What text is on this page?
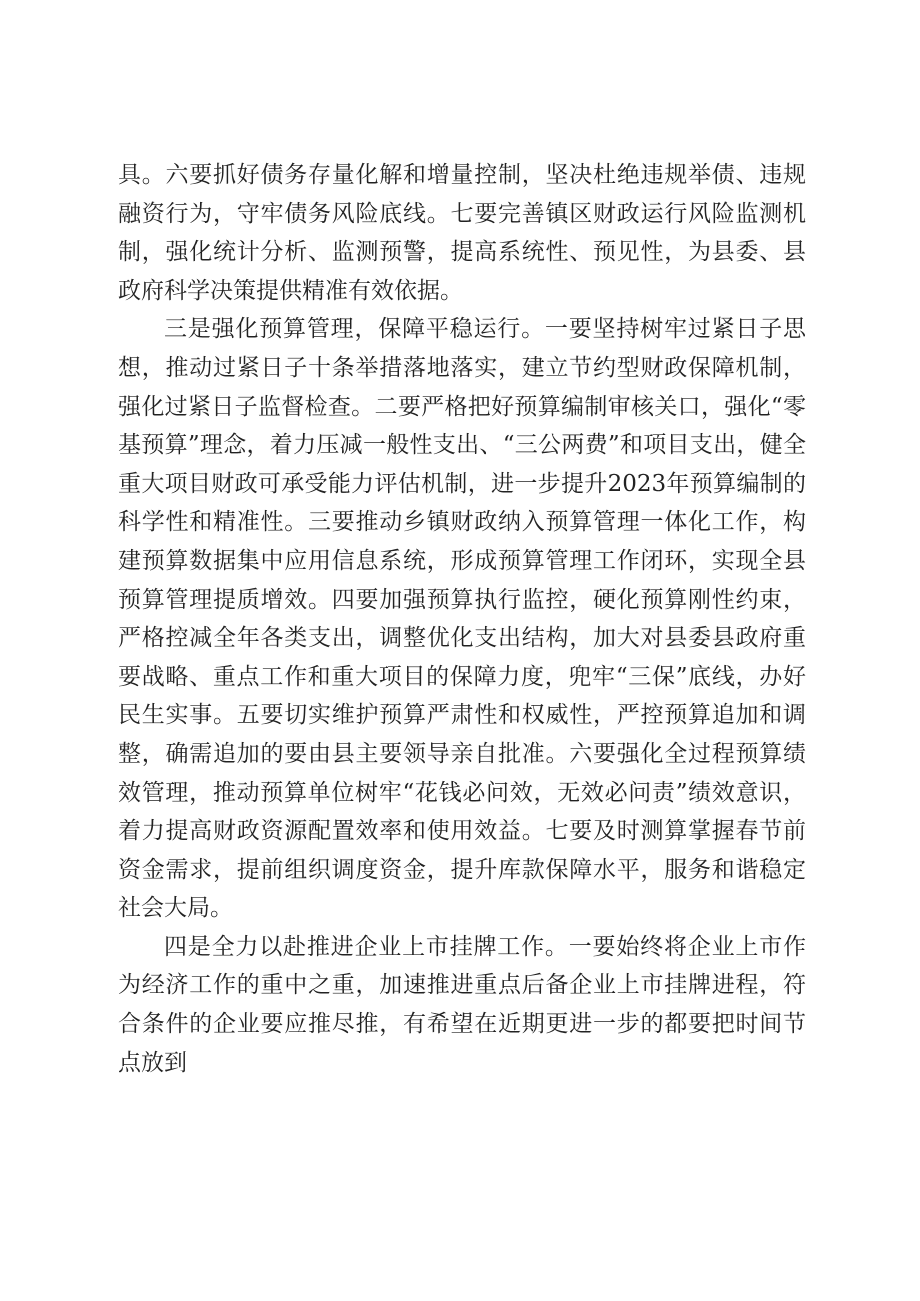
具。六要抓好债务存量化解和增量控制，坚决杜绝违规举债、违规融资行为，守牢债务风险底线。七要完善镇区财政运行风险监测机制，强化统计分析、监测预警，提高系统性、预见性，为县委、县政府科学决策提供精准有效依据。

三是强化预算管理，保障平稳运行。一要坚持树牢过紧日子思想，推动过紧日子十条举措落地落实，建立节约型财政保障机制，强化过紧日子监督检查。二要严格把好预算编制审核关口，强化“零基预算”理念，着力压减一般性支出、“三公两费”和项目支出，健全重大项目财政可承受能力评估机制，进一步提升2023年预算编制的科学性和精准性。三要推动乡镇财政纳入预算管理一体化工作，构建预算数据集中应用信息系统，形成预算管理工作闭环，实现全县预算管理提质增效。四要加强预算执行监控，硬化预算刚性约束，严格控减全年各类支出，调整优化支出结构，加大对县委县政府重要战略、重点工作和重大项目的保障力度，兜牢“三保”底线，办好民生实事。五要切实维护预算严肃性和权威性，严控预算追加和调整，确需追加的要由县主要领导亲自批准。六要强化全过程预算绩效管理，推动预算单位树牢“花钱必问效，无效必问责”绩效意识，着力提高财政资源配置效率和使用效益。七要及时测算掌握春节前资金需求，提前组织调度资金，提升库款保障水平，服务和谐稳定社会大局。

四是全力以赴推进企业上市挂牌工作。一要始终将企业上市作为经济工作的重中之重，加速推进重点后备企业上市挂牌进程，符合条件的企业要应推尽推，有希望在近期更进一步的都要把时间节点放到
